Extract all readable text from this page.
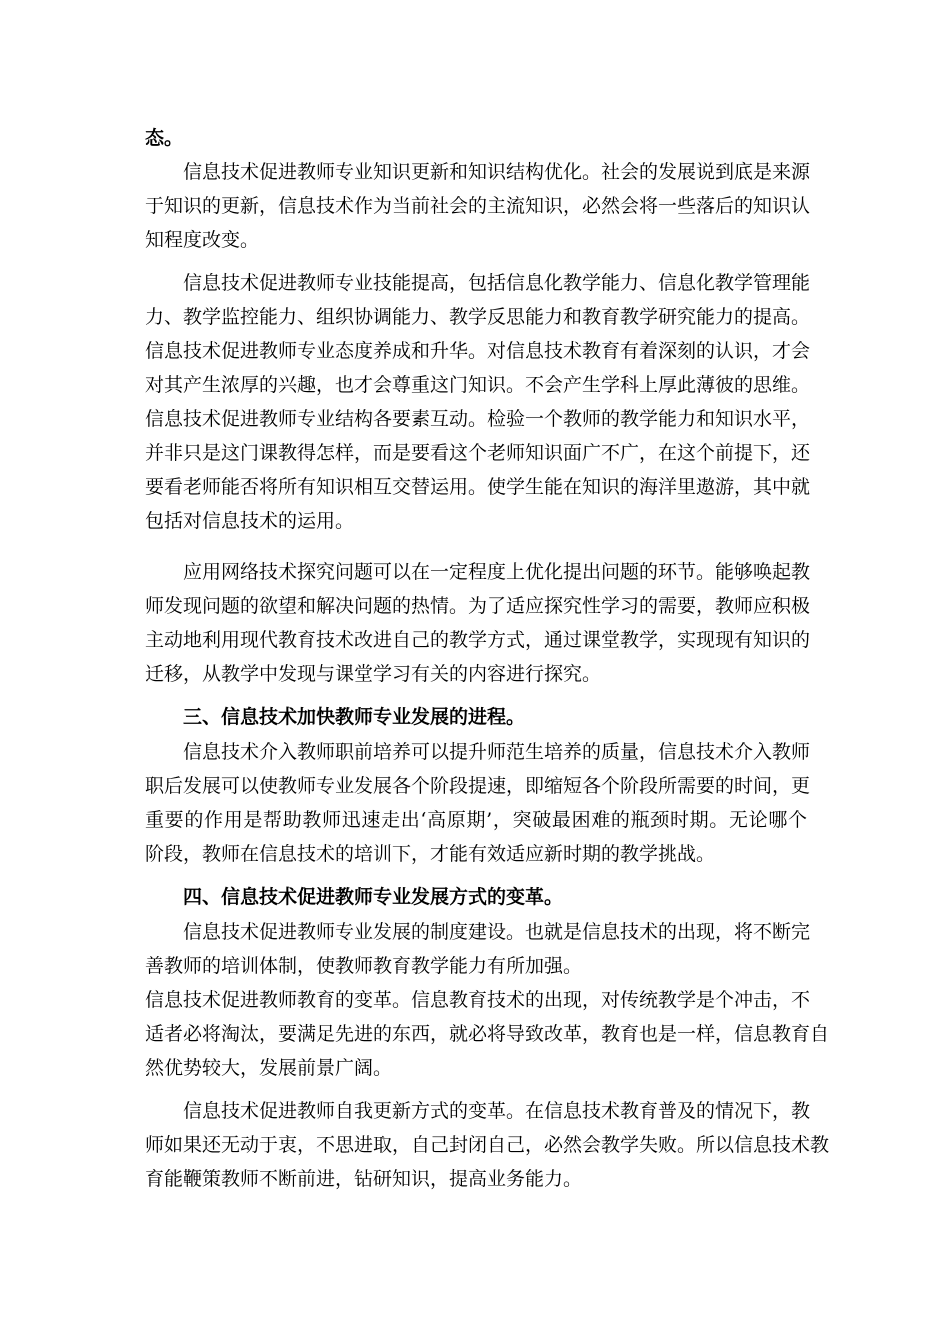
态。
信息技术促进教师专业知识更新和知识结构优化。社会的发展说到底是来源
于知识的更新，信息技术作为当前社会的主流知识，必然会将一些落后的知识认
知程度改变。
信息技术促进教师专业技能提高，包括信息化教学能力、信息化教学管理能
力、教学监控能力、组织协调能力、教学反思能力和教育教学研究能力的提高。
信息技术促进教师专业态度养成和升华。对信息技术教育有着深刻的认识，才会
对其产生浓厚的兴趣，也才会尊重这门知识。不会产生学科上厚此薄彼的思维。
信息技术促进教师专业结构各要素互动。检验一个教师的教学能力和知识水平，
并非只是这门课教得怎样，而是要看这个老师知识面广不广，在这个前提下，还
要看老师能否将所有知识相互交替运用。使学生能在知识的海洋里遨游，其中就
包括对信息技术的运用。
应用网络技术探究问题可以在一定程度上优化提出问题的环节。能够唤起教
师发现问题的欲望和解决问题的热情。为了适应探究性学习的需要，教师应积极
主动地利用现代教育技术改进自己的教学方式，通过课堂教学，实现现有知识的
迁移，从教学中发现与课堂学习有关的内容进行探究。
三、信息技术加快教师专业发展的进程。
信息技术介入教师职前培养可以提升师范生培养的质量，信息技术介入教师
职后发展可以使教师专业发展各个阶段提速，即缩短各个阶段所需要的时间，更
重要的作用是帮助教师迅速走出‘高原期’，突破最困难的瓶颈时期。无论哪个
阶段，教师在信息技术的培训下，才能有效适应新时期的教学挑战。
四、信息技术促进教师专业发展方式的变革。
信息技术促进教师专业发展的制度建设。也就是信息技术的出现，将不断完
善教师的培训体制，使教师教育教学能力有所加强。
信息技术促进教师教育的变革。信息教育技术的出现，对传统教学是个冲击，不
适者必将淘汰，要满足先进的东西，就必将导致改革，教育也是一样，信息教育自
然优势较大，发展前景广阔。
信息技术促进教师自我更新方式的变革。在信息技术教育普及的情况下，教
师如果还无动于衷，不思进取，自己封闭自己，必然会教学失败。所以信息技术教
育能鞭策教师不断前进，钻研知识，提高业务能力。
